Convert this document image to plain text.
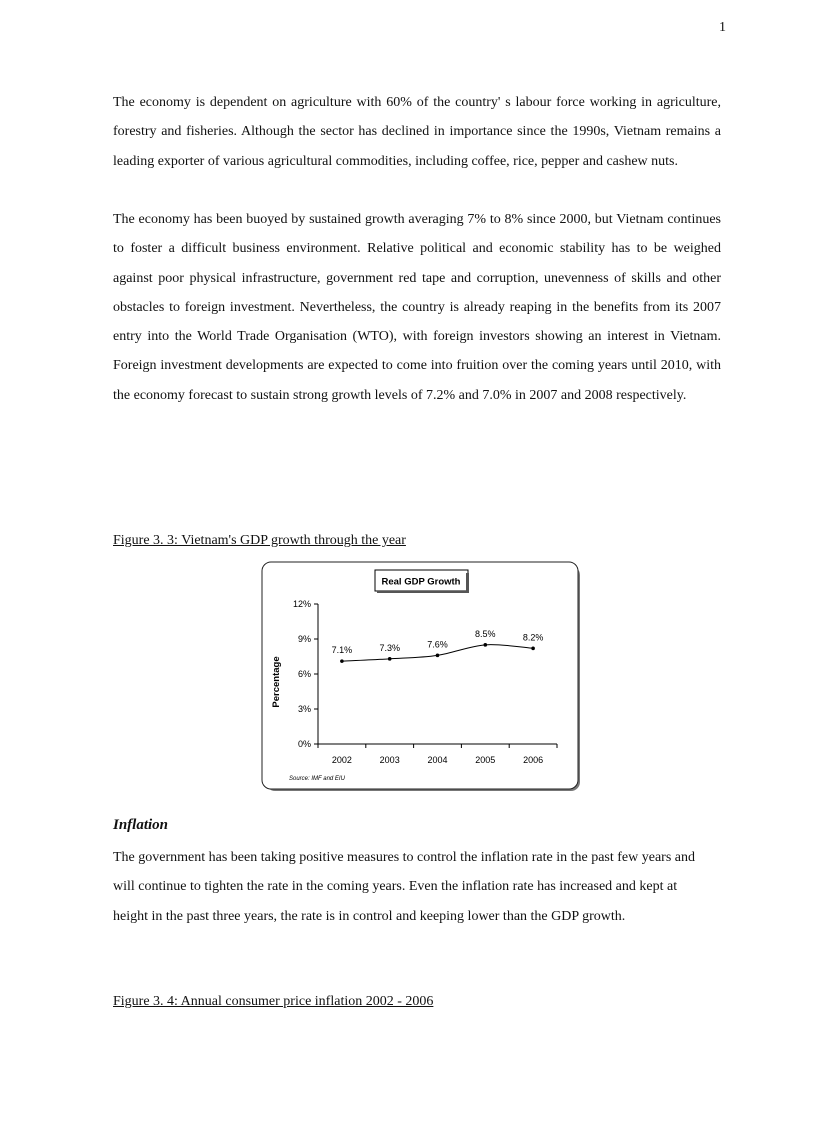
1

The economy is dependent on agriculture with 60% of the country' s labour force working in agriculture, forestry and fisheries. Although the sector has declined in importance since the 1990s, Vietnam remains a leading exporter of various agricultural commodities, including coffee, rice, pepper and cashew nuts.

The economy has been buoyed by sustained growth averaging 7% to 8% since 2000, but Vietnam continues to foster a difficult business environment. Relative political and economic stability has to be weighed against poor physical infrastructure, government red tape and corruption, unevenness of skills and other obstacles to foreign investment. Nevertheless, the country is already reaping in the benefits from its 2007 entry into the World Trade Organisation (WTO), with foreign investors showing an interest in Vietnam. Foreign investment developments are expected to come into fruition over the coming years until 2010, with the economy forecast to sustain strong growth levels of 7.2% and 7.0% in 2007 and 2008 respectively.

Figure 3. 3: Vietnam's GDP growth through the year

Real GDP Growth
Percentage
0%
3%
6%
9%
12%
2002	2003	2004	2005	2006
7.1%	7.3%	7.6%
8.5%	8.2%
Source: IMF and EIU

Inflation

The government has been taking positive measures to control the inflation rate in the past few years and will continue to tighten the rate in the coming years. Even the inflation rate has increased and kept at height in the past three years, the rate is in control and keeping lower than the GDP growth.

Figure 3. 4: Annual consumer price inflation 2002 - 2006
